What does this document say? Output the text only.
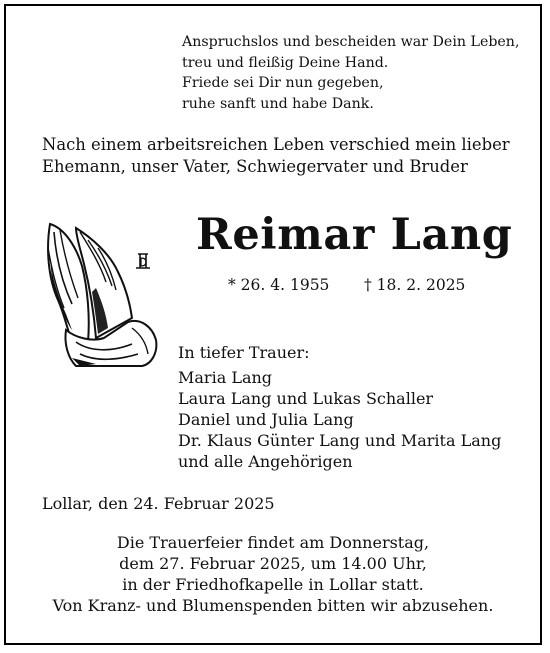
Anspruchslos und bescheiden war Dein Leben,
treu und fleißig Deine Hand.
Friede sei Dir nun gegeben,
ruhe sanft und habe Dank.
Nach einem arbeitsreichen Leben verschied mein lieber
Ehemann, unser Vater, Schwiegervater und Bruder
Reimar Lang
* 26. 4. 1955 † 18. 2. 2025
In tiefer Trauer:
Maria Lang
Laura Lang und Lukas Schaller
Daniel und Julia Lang
Dr. Klaus Günter Lang und Marita Lang
und alle Angehörigen
Lollar, den 24. Februar 2025
Die Trauerfeier findet am Donnerstag,
dem 27. Februar 2025, um 14.00 Uhr,
in der Friedhofkapelle in Lollar statt.
Von Kranz- und Blumenspenden bitten wir abzusehen.
